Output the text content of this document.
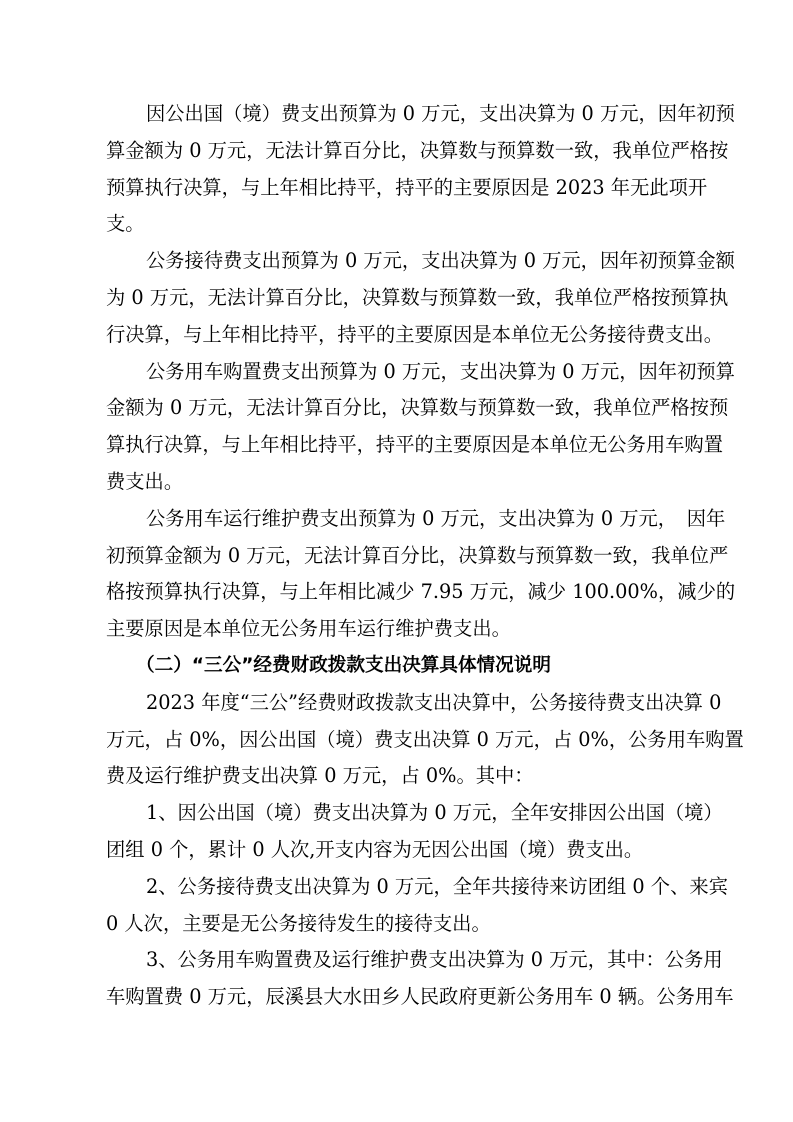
因公出国（境）费支出预算为 0 万元，支出决算为 0 万元，因年初预
算金额为 0 万元，无法计算百分比，决算数与预算数一致，我单位严格按
预算执行决算，与上年相比持平，持平的主要原因是 2023 年无此项开
支。
公务接待费支出预算为 0 万元，支出决算为 0 万元，因年初预算金额
为 0 万元，无法计算百分比，决算数与预算数一致，我单位严格按预算执
行决算，与上年相比持平，持平的主要原因是本单位无公务接待费支出。
公务用车购置费支出预算为 0 万元，支出决算为 0 万元，因年初预算
金额为 0 万元，无法计算百分比，决算数与预算数一致，我单位严格按预
算执行决算，与上年相比持平，持平的主要原因是本单位无公务用车购置
费支出。
公务用车运行维护费支出预算为 0 万元，支出决算为 0 万元，　因年
初预算金额为 0 万元，无法计算百分比，决算数与预算数一致，我单位严
格按预算执行决算，与上年相比减少 7.95 万元，减少 100.00%，减少的
主要原因是本单位无公务用车运行维护费支出。
（二）“三公”经费财政拨款支出决算具体情况说明
2023 年度“三公”经费财政拨款支出决算中，公务接待费支出决算 0
万元，占 0%，因公出国（境）费支出决算 0 万元，占 0%，公务用车购置
费及运行维护费支出决算 0 万元，占 0%。其中：
1、因公出国（境）费支出决算为 0 万元，全年安排因公出国（境）
团组 0 个，累计 0 人次,开支内容为无因公出国（境）费支出。
2、公务接待费支出决算为 0 万元，全年共接待来访团组 0 个、来宾
0 人次，主要是无公务接待发生的接待支出。
3、公务用车购置费及运行维护费支出决算为 0 万元，其中：公务用
车购置费 0 万元，辰溪县大水田乡人民政府更新公务用车 0 辆。公务用车
